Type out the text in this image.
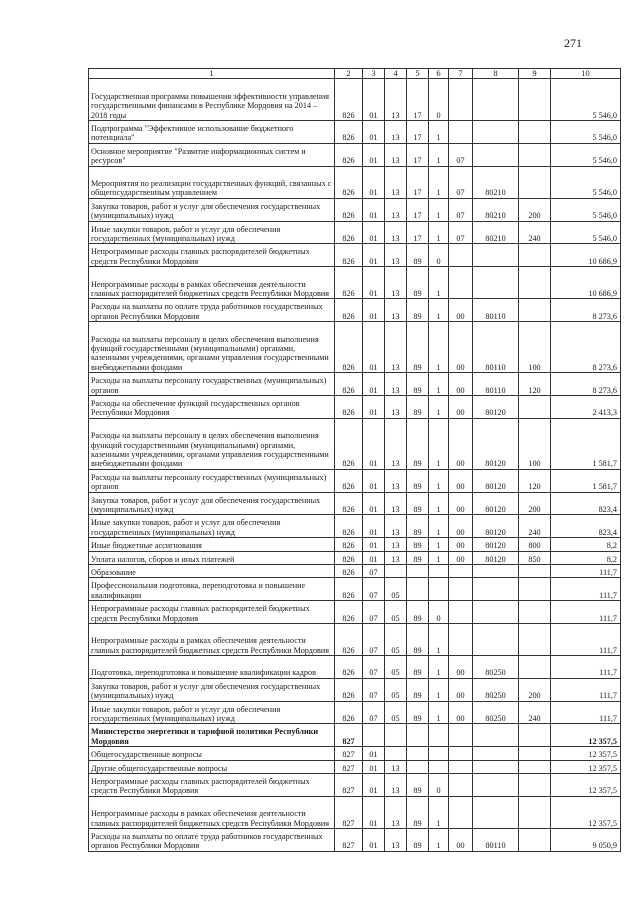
271
1	2	3	4	5	6	7	8	9	10
Государственная программа повышения эффективности управления государственными финансами в Республике Мордовия на 2014 – 2018 годы	826	01	13	17	0				5 546,0
Подпрограмма "Эффективное использование бюджетного потенциала"	826	01	13	17	1				5 546,0
Основное мероприятие "Развитие информационных систем и ресурсов"	826	01	13	17	1	07			5 546,0
Мероприятия по реализации государственных функций, связанных с общегосударственным управлением	826	01	13	17	1	07	80210		5 546,0
Закупка товаров, работ и услуг для обеспечения государственных (муниципальных) нужд	826	01	13	17	1	07	80210	200	5 546,0
Иные закупки товаров, работ и услуг для обеспечения государственных (муниципальных) нужд	826	01	13	17	1	07	80210	240	5 546,0
Непрограммные расходы главных распорядителей бюджетных средств Республики Мордовия	826	01	13	89	0				10 686,9
Непрограммные расходы в рамках обеспечения деятельности главных распорядителей бюджетных средств Республики Мордовия	826	01	13	89	1				10 686,9
Расходы на выплаты по оплате труда работников государственных органов Республики Мордовия	826	01	13	89	1	00	80110		8 273,6
Расходы на выплаты персоналу в целях обеспечения выполнения функций государственными (муниципальными) органами, казенными учреждениями, органами управления государственными внебюджетными фондами	826	01	13	89	1	00	80110	100	8 273,6
Расходы на выплаты персоналу государственных (муниципальных) органов	826	01	13	89	1	00	80110	120	8 273,6
Расходы на обеспечение функций государственных органов Республики Мордовия	826	01	13	89	1	00	80120		2 413,3
Расходы на выплаты персоналу в целях обеспечения выполнения функций государственными (муниципальными) органами, казенными учреждениями, органами управления государственными внебюджетными фондами	826	01	13	89	1	00	80120	100	1 581,7
Расходы на выплаты персоналу государственных (муниципальных) органов	826	01	13	89	1	00	80120	120	1 581,7
Закупка товаров, работ и услуг для обеспечения государственных (муниципальных) нужд	826	01	13	89	1	00	80120	200	823,4
Иные закупки товаров, работ и услуг для обеспечения государственных (муниципальных) нужд	826	01	13	89	1	00	80120	240	823,4
Иные бюджетные ассигнования	826	01	13	89	1	00	80120	800	8,2
Уплата налогов, сборов и иных платежей	826	01	13	89	1	00	80120	850	8,2
Образование	826	07							111,7
Профессиональная подготовка, переподготовка и повышение квалификации	826	07	05						111,7
Непрограммные расходы главных распорядителей бюджетных средств Республики Мордовия	826	07	05	89	0				111,7
Непрограммные расходы в рамках обеспечения деятельности главных распорядителей бюджетных средств Республики Мордовия	826	07	05	89	1				111,7
Подготовка, переподготовка и повышение квалификации кадров	826	07	05	89	1	00	80250		111,7
Закупка товаров, работ и услуг для обеспечения государственных (муниципальных) нужд	826	07	05	89	1	00	80250	200	111,7
Иные закупки товаров, работ и услуг для обеспечения государственных (муниципальных) нужд	826	07	05	89	1	00	80250	240	111,7
Министерство энергетики и тарифной политики Республики Мордовия	827								12 357,5
Общегосударственные вопросы	827	01							12 357,5
Другие общегосударственные вопросы	827	01	13						12 357,5
Непрограммные расходы главных распорядителей бюджетных средств Республики Мордовия	827	01	13	89	0				12 357,5
Непрограммные расходы в рамках обеспечения деятельности главных распорядителей бюджетных средств Республики Мордовия	827	01	13	89	1				12 357,5
Расходы на выплаты по оплате труда работников государственных органов Республики Мордовия	827	01	13	89	1	00	80110		9 050,9
